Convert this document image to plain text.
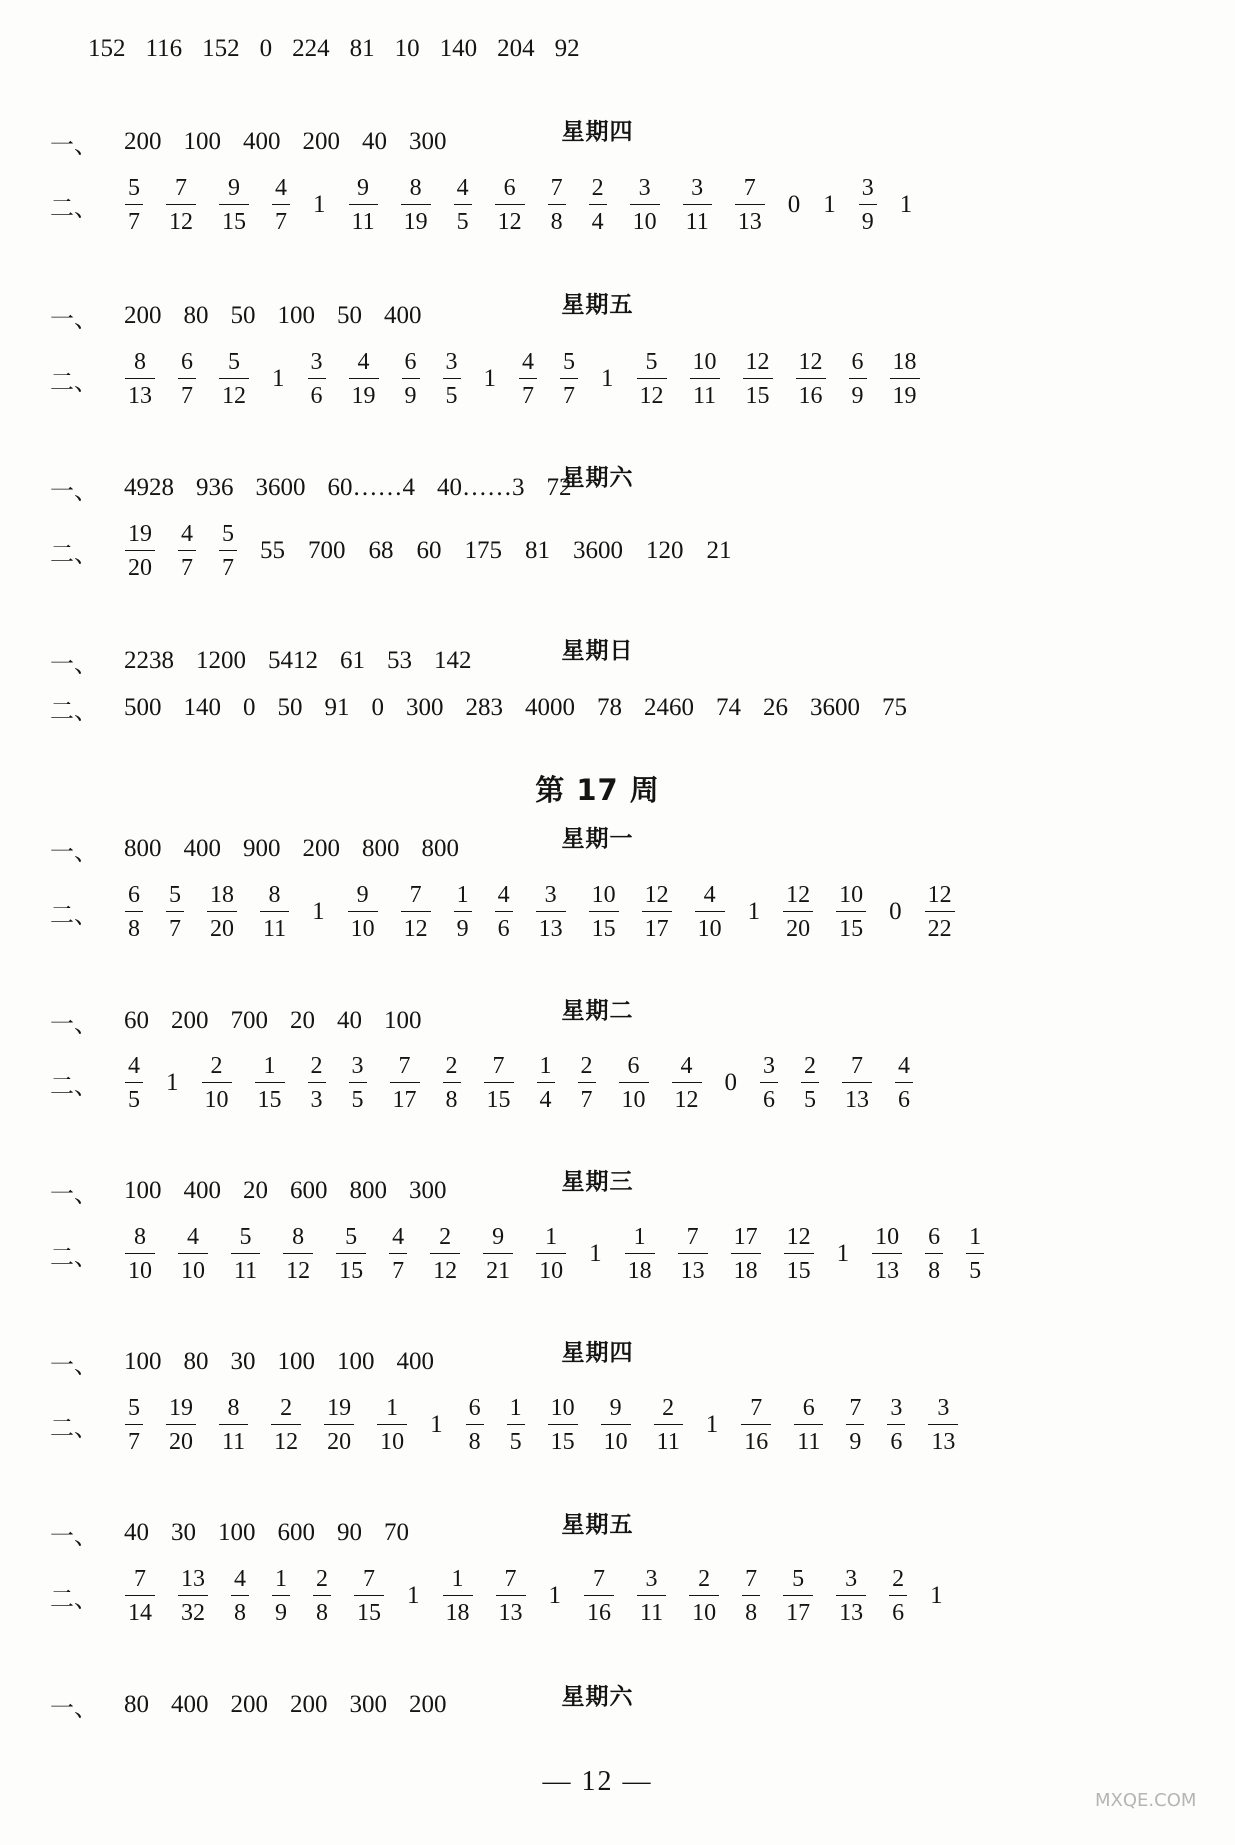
152 116 152 0 224 81 10 140 204 92
星期四
一、 200 100 400 200 40 300
二、 $\frac{5}{7} \frac{7}{12} \frac{9}{15} \frac{4}{7} 1 \frac{9}{11} \frac{8}{19} \frac{4}{5} \frac{6}{12} \frac{7}{8} \frac{2}{4} \frac{3}{10} \frac{3}{11} \frac{7}{13} 0$ $1 \frac{3}{9} 1$
星期五
一、 200 80 50 100 50 400
二、 $\frac{8}{13} \frac{6}{7} \frac{5}{12} 1 \frac{3}{6} \frac{4}{19} \frac{6}{9} \frac{3}{5} 1 \frac{4}{7} \frac{5}{7} 1 \frac{5}{12} \frac{10}{11} \frac{12}{15} \frac{12}{16} \frac{6}{9} \frac{18}{19}$
星期六
一、 4928 936 3600 60……4 40……3 72
二、 $\frac{19}{20} \frac{4}{7} \frac{5}{7} 55$ 700 68 60 175 81 3600 120 21
星期日
一、 2238 1200 5412 61 53 142
二、 500 140 0 50 91 0 300 283 4000 78 2460 74 26 3600 75
第 17 周
星期一
一、 800 400 900 200 800 800
二、 $\frac{6}{8} \frac{5}{7} \frac{18}{20} \frac{8}{11} 1 \frac{9}{10} \frac{7}{12} \frac{1}{9} \frac{4}{6} \frac{3}{13} \frac{10}{15} \frac{12}{17} \frac{4}{10} 1 \frac{12}{20} \frac{10}{15} 0 \frac{12}{22}$
星期二
一、 60 200 700 20 40 100
二、 $\frac{4}{5} 1 \frac{2}{10} \frac{1}{15} \frac{2}{3} \frac{3}{5} \frac{7}{17} \frac{2}{8} \frac{7}{15} \frac{1}{4} \frac{2}{7} \frac{6}{10} \frac{4}{12} 0 \frac{3}{6} \frac{2}{5} \frac{7}{13} \frac{4}{6}$
星期三
一、 100 400 20 600 800 300
二、 $\frac{8}{10} \frac{4}{10} \frac{5}{11} \frac{8}{12} \frac{5}{15} \frac{4}{7} \frac{2}{12} \frac{9}{21} \frac{1}{10} 1 \frac{1}{18} \frac{7}{13} \frac{17}{18} \frac{12}{15} 1 \frac{10}{13} \frac{6}{8} \frac{1}{5}$
星期四
一、 100 80 30 100 100 400
二、 $\frac{5}{7} \frac{19}{20} \frac{8}{11} \frac{2}{12} \frac{19}{20} \frac{1}{10} 1 \frac{6}{8} \frac{1}{5} \frac{10}{15} \frac{9}{10} \frac{2}{11} 1 \frac{7}{16} \frac{6}{11} \frac{7}{9} \frac{3}{6} \frac{3}{13}$
星期五
一、 40 30 100 600 90 70
二、 $\frac{7}{14} \frac{13}{32} \frac{4}{8} \frac{1}{9} \frac{2}{8} \frac{7}{15} 1 \frac{1}{18} \frac{7}{13} 1 \frac{7}{16} \frac{3}{11} \frac{2}{10} \frac{7}{8} \frac{5}{17} \frac{3}{13} \frac{2}{6} 1$
星期六
一、 80 400 200 200 300 200
— 12 —
MXQE.COM
